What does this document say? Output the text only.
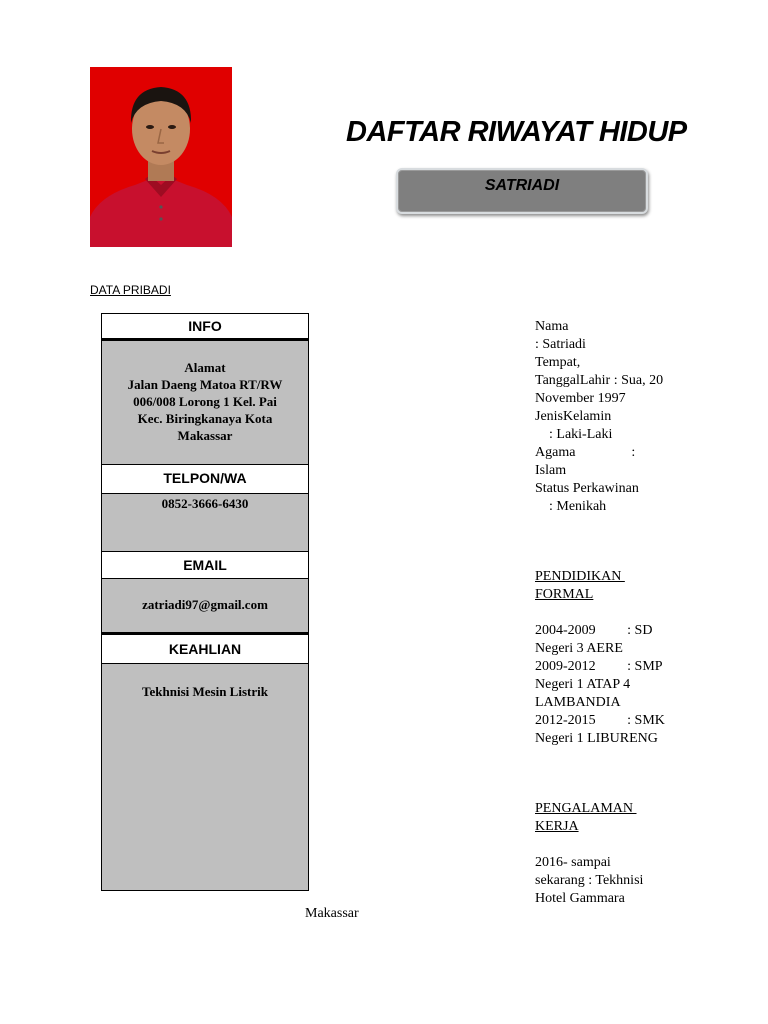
DAFTAR RIWAYAT HIDUP
SATRIADI
DATA PRIBADI
INFO
Alamat
Jalan Daeng Matoa RT/RW
006/008 Lorong 1 Kel. Pai
Kec. Biringkanaya Kota
Makassar
TELPON/WA
0852-3666-6430
EMAIL
zatriadi97@gmail.com
KEAHLIAN
Tekhnisi Mesin Listrik
Nama
: Satriadi
Tempat,
TanggalLahir : Sua, 20
November 1997
JenisKelamin
: Laki-Laki
Agama                :
Islam
Status Perkawinan
: Menikah
PENDIDIKAN
FORMAL
2004-2009         : SD
Negeri 3 AERE
2009-2012         : SMP
Negeri 1 ATAP 4
LAMBANDIA
2012-2015         : SMK
Negeri 1 LIBURENG
PENGALAMAN
KERJA
2016- sampai
sekarang : Tekhnisi
Hotel Gammara
Makassar
